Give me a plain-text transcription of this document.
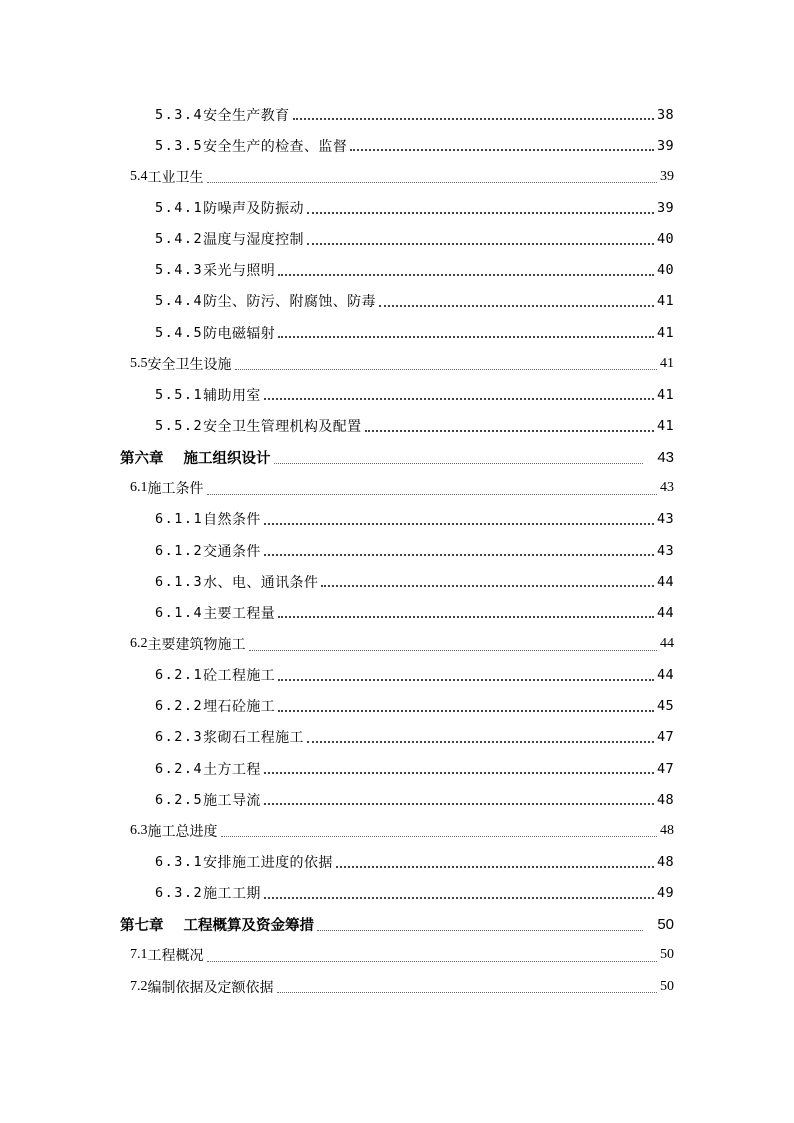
5.3.4 安全生产教育	38
5.3.5 安全生产的检查、监督	39
5.4 工业卫生	39
5.4.1 防噪声及防振动	39
5.4.2 温度与湿度控制	40
5.4.3 采光与照明	40
5.4.4 防尘、防污、附腐蚀、防毒	41
5.4.5 防电磁辐射	41
5.5 安全卫生设施	41
5.5.1 辅助用室	41
5.5.2 安全卫生管理机构及配置	41
第六章 施工组织设计	43
6.1 施工条件	43
6.1.1 自然条件	43
6.1.2 交通条件	43
6.1.3 水、电、通讯条件	44
6.1.4 主要工程量	44
6.2 主要建筑物施工	44
6.2.1 砼工程施工	44
6.2.2 埋石砼施工	45
6.2.3 浆砌石工程施工	47
6.2.4 土方工程	47
6.2.5 施工导流	48
6.3 施工总进度	48
6.3.1 安排施工进度的依据	48
6.3.2 施工工期	49
第七章 工程概算及资金筹措	50
7.1 工程概况	50
7.2 编制依据及定额依据	50
